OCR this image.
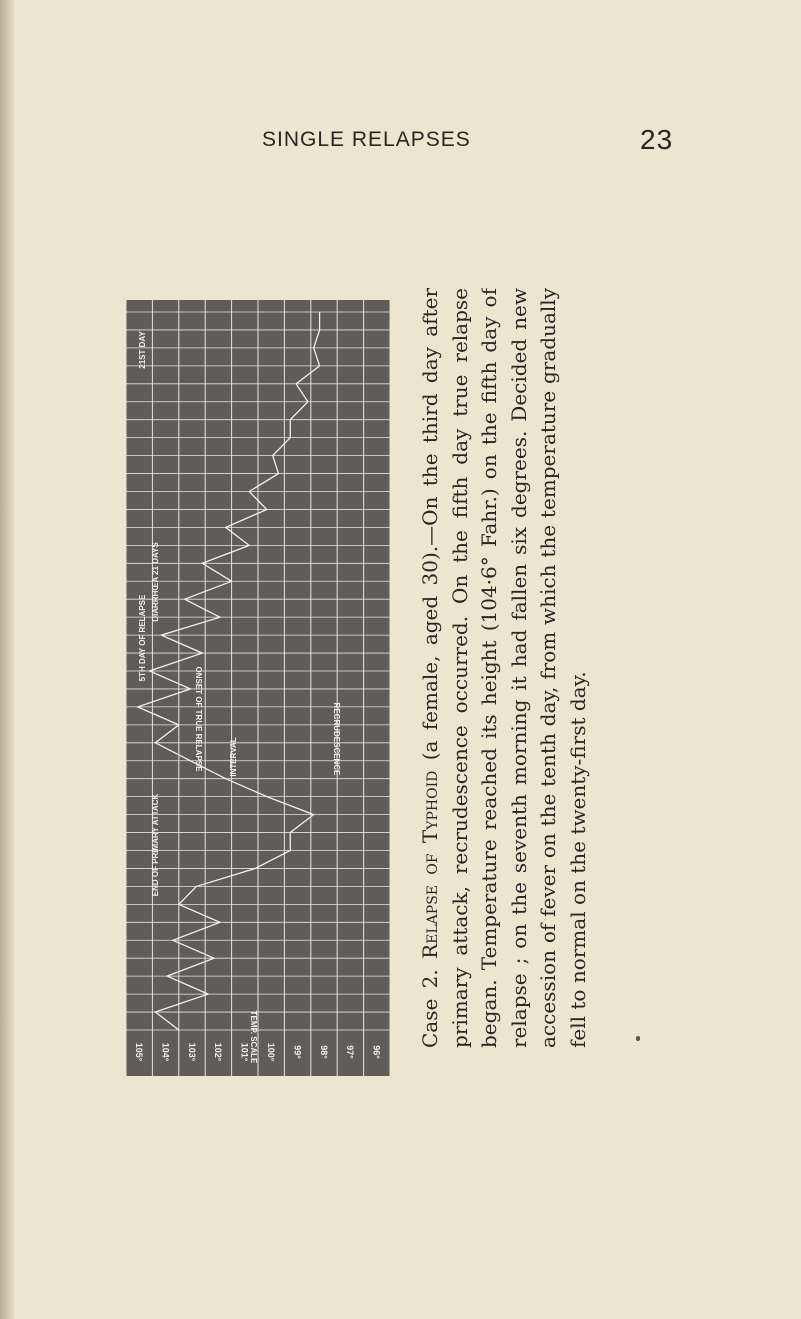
SINGLE RELAPSES	23
21ST DAY
5TH DAY OF RELAPSE
DIARRHŒA 21 DAYS
ONSET OF TRUE RELAPSE
END OF PRIMARY ATTACK
INTERVAL	RECRUDESCENCE
TEMP. SCALE
105° 104° 103° 102° 101° 100° 99° 98° 97° 96°

Case 2. Relapse of Typhoid (a female, aged 30).—On the third day after primary attack, recrudescence occurred. On the fifth day true relapse began. Temperature reached its height (104·6° Fahr.) on the fifth day of relapse ; on the seventh morning it had fallen six degrees. Decided new accession of fever on the tenth day, from which the temperature gradually fell to normal on the twenty-first day.
